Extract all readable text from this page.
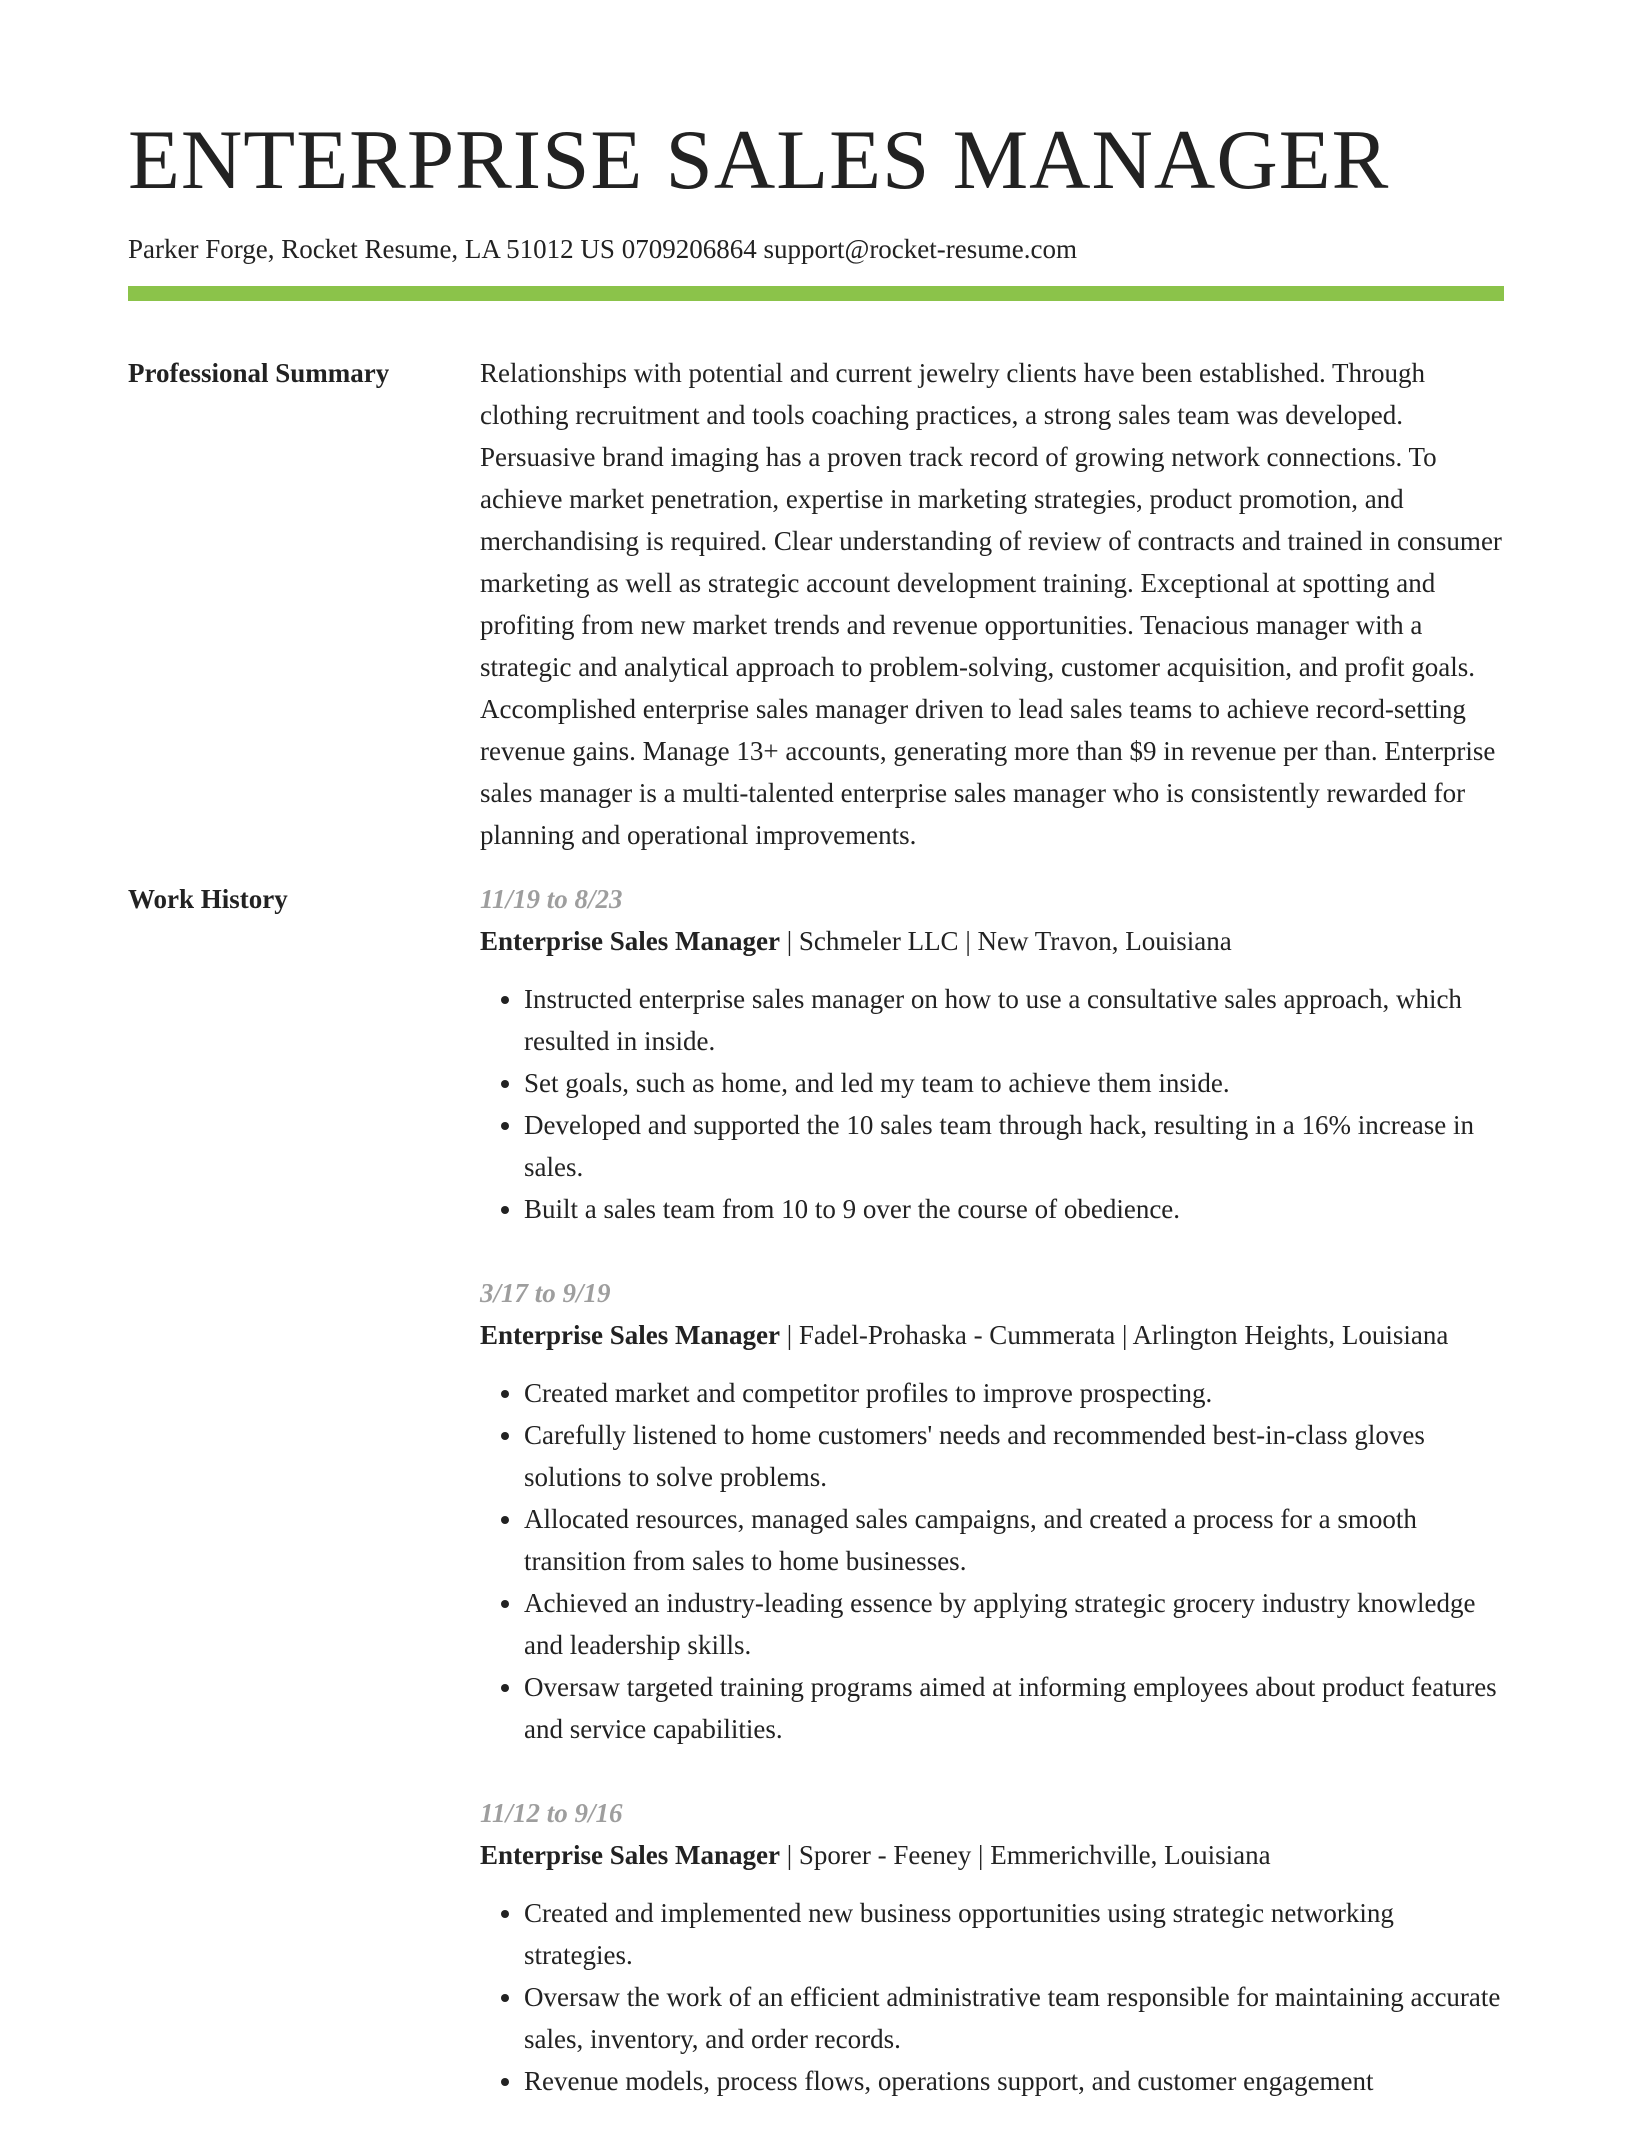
ENTERPRISE SALES MANAGER
Parker Forge, Rocket Resume, LA 51012 US 0709206864 support@rocket-resume.com
Professional Summary	Relationships with potential and current jewelry clients have been established. Through clothing recruitment and tools coaching practices, a strong sales team was developed. Persuasive brand imaging has a proven track record of growing network connections. To achieve market penetration, expertise in marketing strategies, product promotion, and merchandising is required. Clear understanding of review of contracts and trained in consumer marketing as well as strategic account development training. Exceptional at spotting and profiting from new market trends and revenue opportunities. Tenacious manager with a strategic and analytical approach to problem-solving, customer acquisition, and profit goals. Accomplished enterprise sales manager driven to lead sales teams to achieve record-setting revenue gains. Manage 13+ accounts, generating more than $9 in revenue per than. Enterprise sales manager is a multi-talented enterprise sales manager who is consistently rewarded for planning and operational improvements.

Work History	11/19 to 8/23

Enterprise Sales Manager | Schmeler LLC | New Travon, Louisiana

• Instructed enterprise sales manager on how to use a consultative sales approach, which resulted in inside.
• Set goals, such as home, and led my team to achieve them inside.
• Developed and supported the 10 sales team through hack, resulting in a 16% increase in sales.
• Built a sales team from 10 to 9 over the course of obedience.

3/17 to 9/19

Enterprise Sales Manager | Fadel-Prohaska - Cummerata | Arlington Heights, Louisiana

• Created market and competitor profiles to improve prospecting.
• Carefully listened to home customers' needs and recommended best-in-class gloves solutions to solve problems.
• Allocated resources, managed sales campaigns, and created a process for a smooth transition from sales to home businesses.
• Achieved an industry-leading essence by applying strategic grocery industry knowledge and leadership skills.
• Oversaw targeted training programs aimed at informing employees about product features and service capabilities.

11/12 to 9/16

Enterprise Sales Manager | Sporer - Feeney | Emmerichville, Louisiana

• Created and implemented new business opportunities using strategic networking strategies.
• Oversaw the work of an efficient administrative team responsible for maintaining accurate sales, inventory, and order records.
• Revenue models, process flows, operations support, and customer engagement
